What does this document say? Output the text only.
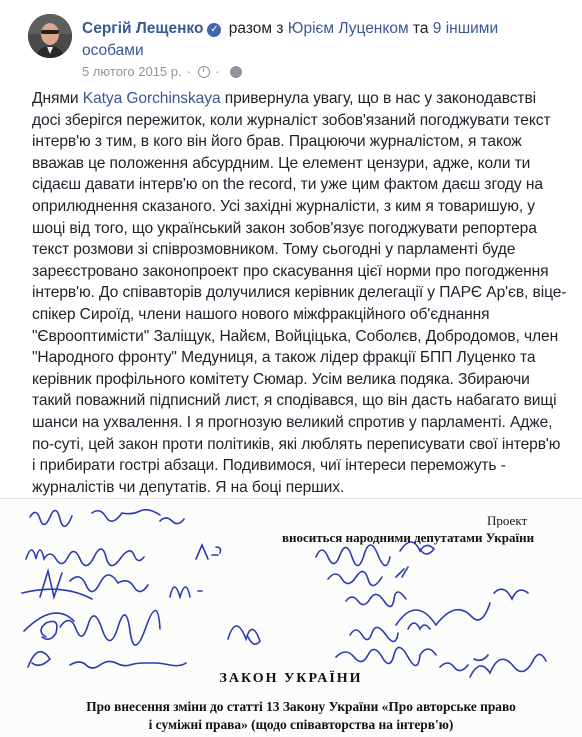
Сергій Лещенко ✓ разом з Юрієм Луценком та 9 іншими особами
5 лютого 2015 р. · ·
Днями Katya Gorchinskaya привернула увагу, що в нас у законодавстві досі зберігся пережиток, коли журналіст зобов'язаний погоджувати текст інтерв'ю з тим, в кого він його брав. Працюючи журналістом, я також вважав це положення абсурдним. Це елемент цензури, адже, коли ти сідаєш давати інтерв'ю on the record, ти уже цим фактом даєш згоду на оприлюднення сказаного. Усі західні журналісти, з ким я товаришую, у шоці від того, що український закон зобов'язує погоджувати репортера текст розмови зі співрозмовником. Тому сьогодні у парламенті буде зареєстровано законопроект про скасування цієї норми про погодження інтерв'ю. До співавторів долучилися керівник делегації у ПАРЄ Ар'єв, віце-спікер Сироїд, члени нашого нового міжфракційного об'єднання "Єврооптимісти" Заліщук, Найєм, Войціцька, Соболєв, Добродомов, член "Народного фронту" Медуниця, а також лідер фракції БПП Луценко та керівник профільного комітету Сюмар. Усім велика подяка. Збираючи такий поважний підписний лист, я сподівався, що він дасть набагато вищі шанси на ухвалення. І я прогнозую великий спротив у парламенті. Адже, по-суті, цей закон проти політиків, які люблять переписувати свої інтерв'ю і прибирати гострі абзаци. Подивимося, чиї інтереси переможуть - журналістів чи депутатів. Я на боці перших.
Проект
вноситься народними депутатами України
ЗАКОН УКРАЇНИ
Про внесення зміни до статті 13 Закону України «Про авторське право і суміжні права» (щодо співавторства на інтерв'ю)
